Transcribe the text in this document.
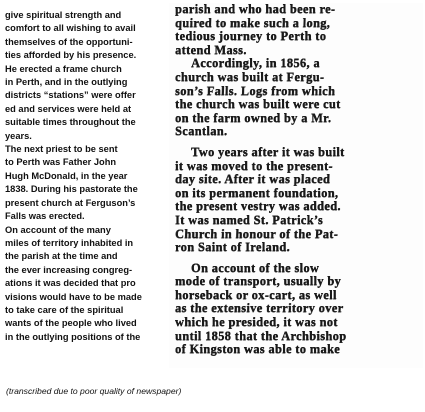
give spiritual strength and
comfort to all wishing to avail
themselves of the opportuni-
ties afforded by his presence.
He erected a frame church
in Perth, and in the outlying
districts “stations” were offer
ed and services were held at
suitable times throughout the
years.
The next priest to be sent
to Perth was Father John
Hugh McDonald, in the year
1838. During his pastorate the
present church at Ferguson’s
Falls was erected.
On account of the many
miles of territory inhabited in
the parish at the time and
the ever increasing congreg-
ations it was decided that pro
visions would have to be made
to take care of the spiritual
wants of the people who lived
in the outlying positions of the
parish and who had been re-
quired to make such a long,
tedious journey to Perth to
attend Mass.
Accordingly, in 1856, a
church was built at Fergu-
son’s Falls. Logs from which
the church was built were cut
on the farm owned by a Mr.
Scantlan.
Two years after it was built
it was moved to the present-
day site. After it was placed
on its permanent foundation,
the present vestry was added.
It was named St. Patrick’s
Church in honour of the Pat-
ron Saint of Ireland.
On account of the slow
mode of transport, usually by
horseback or ox-cart, as well
as the extensive territory over
which he presided, it was not
until 1858 that the Archbishop
of Kingston was able to make
(transcribed due to poor quality of newspaper)
